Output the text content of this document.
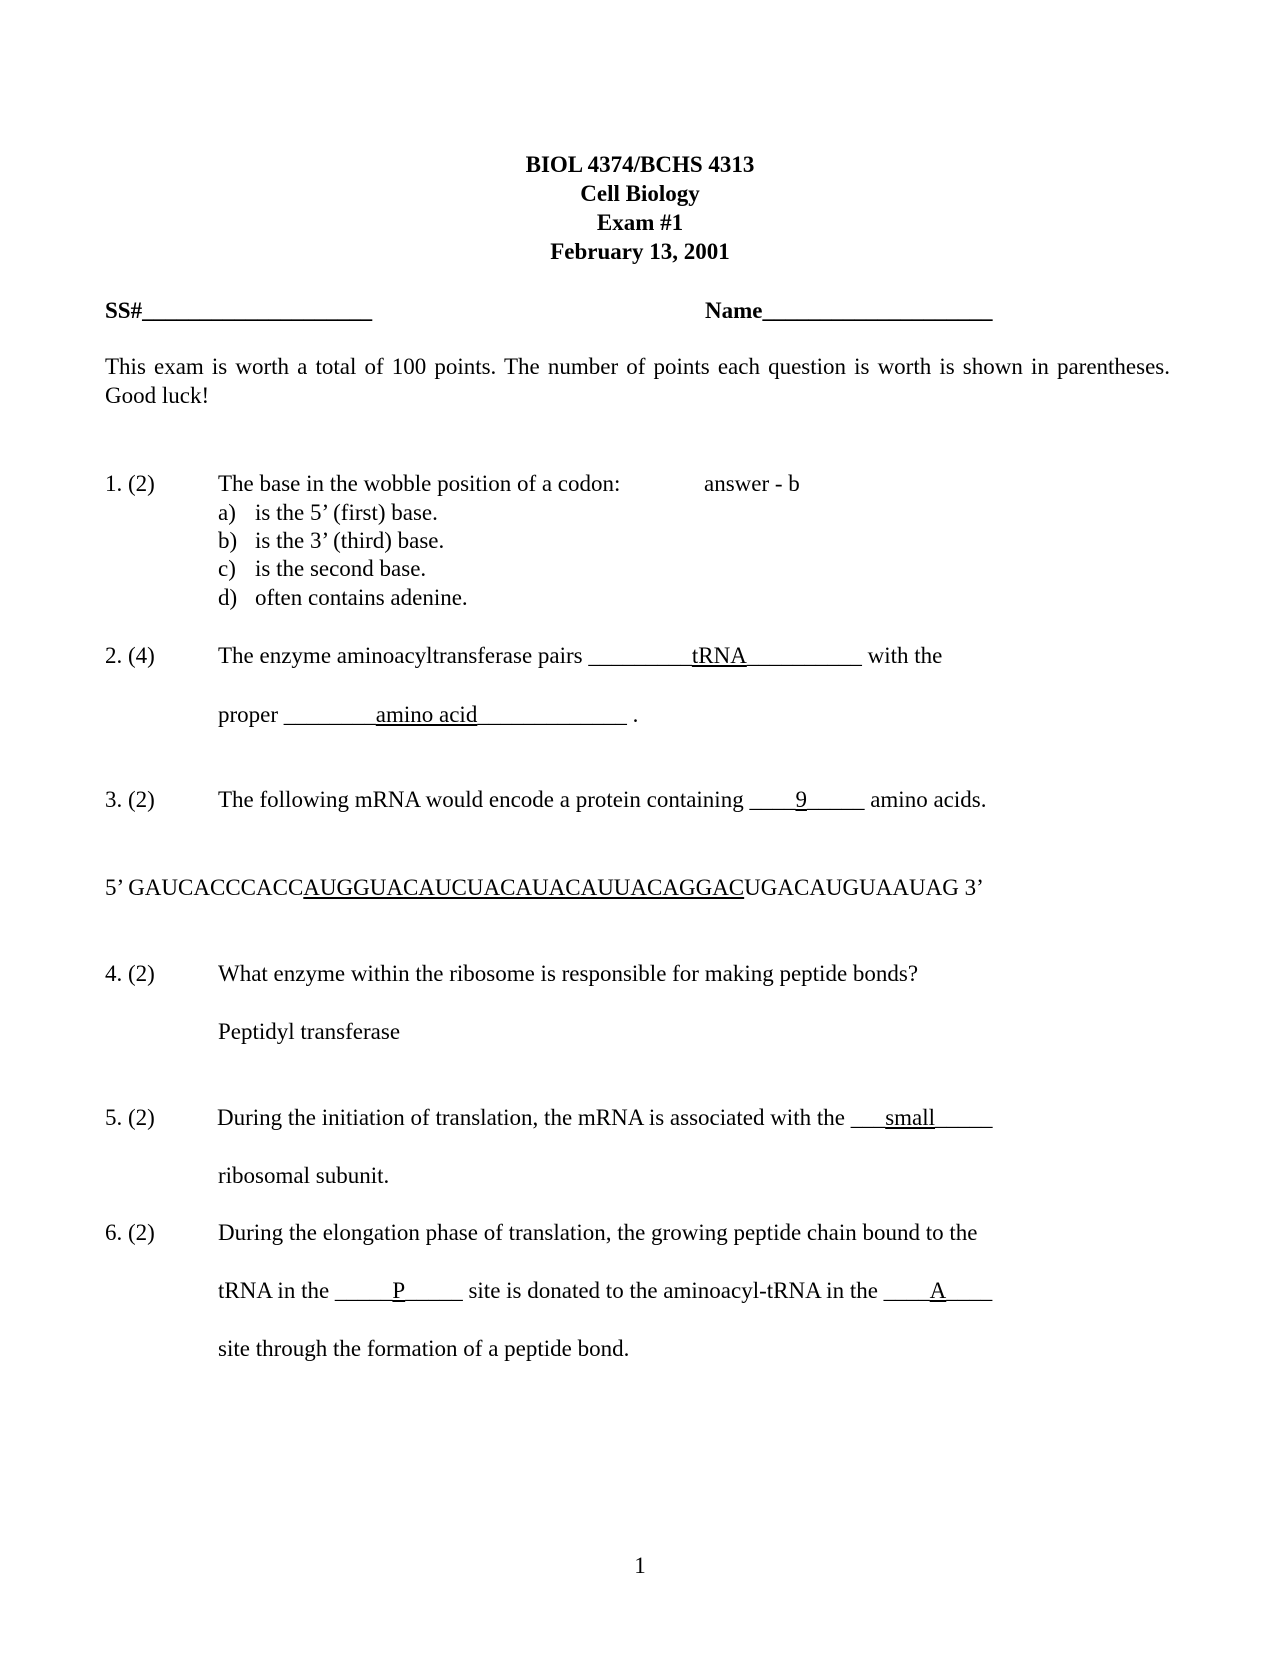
BIOL 4374/BCHS 4313
Cell Biology
Exam #1
February 13, 2001
SS#____________________	Name____________________
This exam is worth a total of 100 points. The number of points each question is worth is shown in parentheses. Good luck!
1. (2)	The base in the wobble position of a codon:	answer - b
a) is the 5’ (first) base.
b) is the 3’ (third) base.
c) is the second base.
d) often contains adenine.
2. (4)	The enzyme aminoacyltransferase pairs _________tRNA__________ with the
proper ________amino acid_____________ .
3. (2)	The following mRNA would encode a protein containing ____9_____ amino acids.
5’ GAUCACCCACCAUGGUACAUCUACAUACAUUACAGGACUGACAUGUAAUAG 3’
4. (2)	What enzyme within the ribosome is responsible for making peptide bonds?
Peptidyl transferase
5. (2)	During the initiation of translation, the mRNA is associated with the ___small_____
ribosomal subunit.
6. (2)	During the elongation phase of translation, the growing peptide chain bound to the
tRNA in the _____P_____ site is donated to the aminoacyl-tRNA in the ____A____
site through the formation of a peptide bond.
1
